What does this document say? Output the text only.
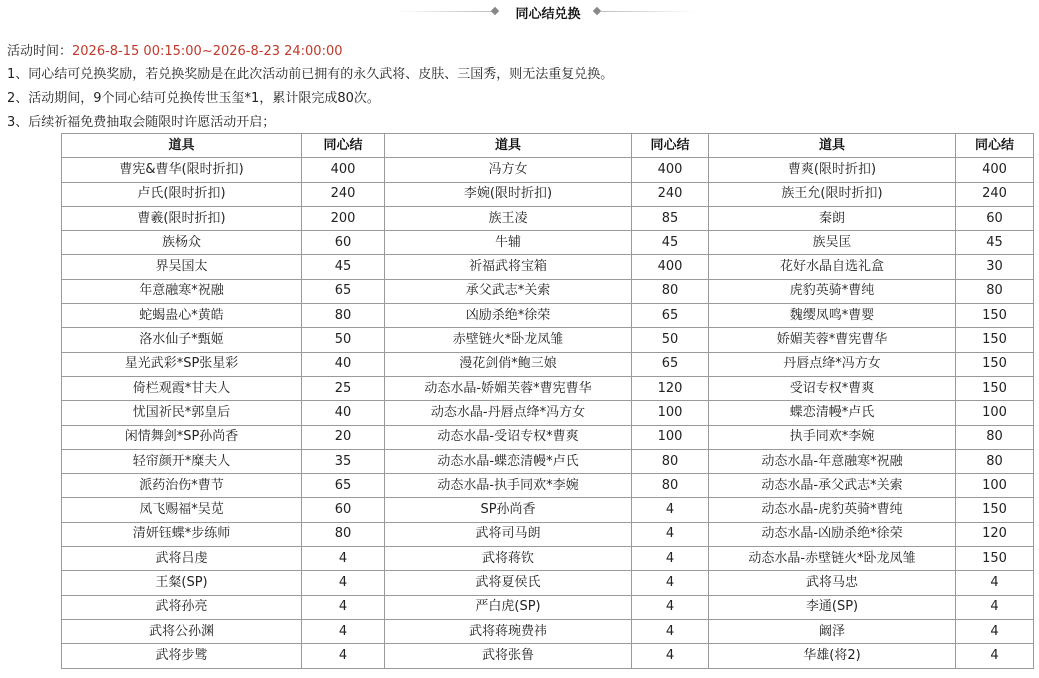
同心结兑换
活动时间：2026-8-15 00:15:00~2026-8-23 24:00:00
1、同心结可兑换奖励，若兑换奖励是在此次活动前已拥有的永久武将、皮肤、三国秀，则无法重复兑换。
2、活动期间，9个同心结可兑换传世玉玺*1，累计限完成80次。
3、后续祈福免费抽取会随限时许愿活动开启；
道具	同心结	道具	同心结	道具	同心结
曹宪&曹华(限时折扣)	400	冯方女	400	曹爽(限时折扣)	400
卢氏(限时折扣)	240	李婉(限时折扣)	240	族王允(限时折扣)	240
曹羲(限时折扣)	200	族王凌	85	秦朗	60
族杨众	60	牛辅	45	族吴匡	45
界吴国太	45	祈福武将宝箱	400	花好水晶自选礼盒	30
年意融寒*祝融	65	承父武志*关索	80	虎豹英骑*曹纯	80
蛇蝎蛊心*黄皓	80	凶励杀绝*徐荣	65	魏缨凤鸣*曹婴	150
洛水仙子*甄姬	50	赤壁链火*卧龙凤雏	50	娇媚芙蓉*曹宪曹华	150
星光武彩*SP张星彩	40	漫花剑俏*鲍三娘	65	丹唇点绛*冯方女	150
倚栏观霞*甘夫人	25	动态水晶-娇媚芙蓉*曹宪曹华	120	受诏专权*曹爽	150
忧国祈民*郭皇后	40	动态水晶-丹唇点绛*冯方女	100	蝶恋清幔*卢氏	100
闲情舞剑*SP孙尚香	20	动态水晶-受诏专权*曹爽	100	执手同欢*李婉	80
轻帘颜开*糜夫人	35	动态水晶-蝶恋清幔*卢氏	80	动态水晶-年意融寒*祝融	80
派药治伤*曹节	65	动态水晶-执手同欢*李婉	80	动态水晶-承父武志*关索	100
凤飞赐福*吴苋	60	SP孙尚香	4	动态水晶-虎豹英骑*曹纯	150
清妍钰蝶*步练师	80	武将司马朗	4	动态水晶-凶励杀绝*徐荣	120
武将吕虔	4	武将蒋钦	4	动态水晶-赤壁链火*卧龙凤雏	150
王粲(SP)	4	武将夏侯氏	4	武将马忠	4
武将孙亮	4	严白虎(SP)	4	李通(SP)	4
武将公孙渊	4	武将蒋琬费祎	4	阚泽	4
武将步骘	4	武将张鲁	4	华雄(将2)	4
